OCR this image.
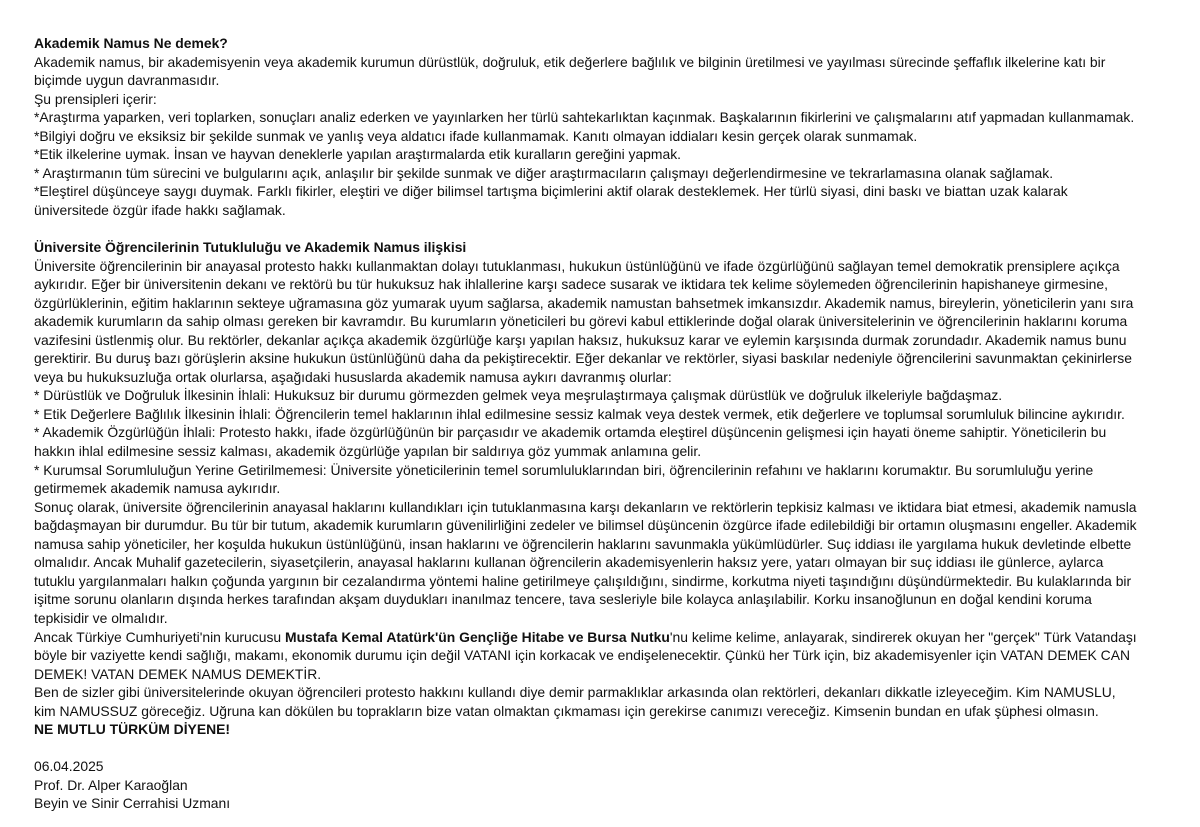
Akademik Namus Ne demek?

Akademik namus, bir akademisyenin veya akademik kurumun dürüstlük, doğruluk, etik değerlere bağlılık ve bilginin üretilmesi ve yayılması sürecinde şeffaflık ilkelerine katı bir biçimde uygun davranmasıdır.

Şu prensipleri içerir:

*Araştırma yaparken, veri toplarken, sonuçları analiz ederken ve yayınlarken her türlü sahtekarlıktan kaçınmak. Başkalarının fikirlerini ve çalışmalarını atıf yapmadan kullanmamak.

*Bilgiyi doğru ve eksiksiz bir şekilde sunmak ve yanlış veya aldatıcı ifade kullanmamak. Kanıtı olmayan iddiaları kesin gerçek olarak sunmamak.

*Etik ilkelerine uymak. İnsan ve hayvan deneklerle yapılan araştırmalarda etik kuralların gereğini yapmak.

* Araştırmanın tüm sürecini ve bulgularını açık, anlaşılır bir şekilde sunmak ve diğer araştırmacıların çalışmayı değerlendirmesine ve tekrarlamasına olanak sağlamak.

*Eleştirel düşünceye saygı duymak. Farklı fikirler, eleştiri ve diğer bilimsel tartışma biçimlerini aktif olarak desteklemek. Her türlü siyasi, dini baskı ve biattan uzak kalarak üniversitede özgür ifade hakkı sağlamak.

Üniversite Öğrencilerinin Tutukluluğu ve Akademik Namus ilişkisi

Üniversite öğrencilerinin bir anayasal protesto hakkı kullanmaktan dolayı tutuklanması, hukukun üstünlüğünü ve ifade özgürlüğünü sağlayan temel demokratik prensiplere açıkça aykırıdır. Eğer bir üniversitenin dekanı ve rektörü bu tür hukuksuz hak ihlallerine karşı sadece susarak ve iktidara tek kelime söylemeden öğrencilerinin hapishaneye girmesine, özgürlüklerinin, eğitim haklarının sekteye uğramasına göz yumarak uyum sağlarsa, akademik namustan bahsetmek imkansızdır. Akademik namus, bireylerin, yöneticilerin yanı sıra akademik kurumların da sahip olması gereken bir kavramdır. Bu kurumların yöneticileri bu görevi kabul ettiklerinde doğal olarak üniversitelerinin ve öğrencilerinin haklarını koruma vazifesini üstlenmiş olur. Bu rektörler, dekanlar açıkça akademik özgürlüğe karşı yapılan haksız, hukuksuz karar ve eylemin karşısında durmak zorundadır. Akademik namus bunu gerektirir. Bu duruş bazı görüşlerin aksine hukukun üstünlüğünü daha da pekiştirecektir. Eğer dekanlar ve rektörler, siyasi baskılar nedeniyle öğrencilerini savunmaktan çekinirlerse veya bu hukuksuzluğa ortak olurlarsa, aşağıdaki hususlarda akademik namusa aykırı davranmış olurlar:

* Dürüstlük ve Doğruluk İlkesinin İhlali: Hukuksuz bir durumu görmezden gelmek veya meşrulaştırmaya çalışmak dürüstlük ve doğruluk ilkeleriyle bağdaşmaz.

* Etik Değerlere Bağlılık İlkesinin İhlali: Öğrencilerin temel haklarının ihlal edilmesine sessiz kalmak veya destek vermek, etik değerlere ve toplumsal sorumluluk bilincine aykırıdır.

* Akademik Özgürlüğün İhlali: Protesto hakkı, ifade özgürlüğünün bir parçasıdır ve akademik ortamda eleştirel düşüncenin gelişmesi için hayati öneme sahiptir. Yöneticilerin bu hakkın ihlal edilmesine sessiz kalması, akademik özgürlüğe yapılan bir saldırıya göz yummak anlamına gelir.

* Kurumsal Sorumluluğun Yerine Getirilmemesi: Üniversite yöneticilerinin temel sorumluluklarından biri, öğrencilerinin refahını ve haklarını korumaktır. Bu sorumluluğu yerine getirmemek akademik namusa aykırıdır.

Sonuç olarak, üniversite öğrencilerinin anayasal haklarını kullandıkları için tutuklanmasına karşı dekanların ve rektörlerin tepkisiz kalması ve iktidara biat etmesi, akademik namusla bağdaşmayan bir durumdur. Bu tür bir tutum, akademik kurumların güvenilirliğini zedeler ve bilimsel düşüncenin özgürce ifade edilebildiği bir ortamın oluşmasını engeller. Akademik namusa sahip yöneticiler, her koşulda hukukun üstünlüğünü, insan haklarını ve öğrencilerin haklarını savunmakla yükümlüdürler. Suç iddiası ile yargılama hukuk devletinde elbette olmalıdır. Ancak Muhalif gazetecilerin, siyasetçilerin, anayasal haklarını kullanan öğrencilerin akademisyenlerin haksız yere, yatarı olmayan bir suç iddiası ile günlerce, aylarca tutuklu yargılanmaları halkın çoğunda yargının bir cezalandırma yöntemi haline getirilmeye çalışıldığını, sindirme, korkutma niyeti taşındığını düşündürmektedir. Bu kulaklarında bir işitme sorunu olanların dışında herkes tarafından akşam duydukları inanılmaz tencere, tava sesleriyle bile kolayca anlaşılabilir. Korku insanoğlunun en doğal kendini koruma tepkisidir ve olmalıdır.

Ancak Türkiye Cumhuriyeti'nin kurucusu Mustafa Kemal Atatürk'ün Gençliğe Hitabe ve Bursa Nutku'nu kelime kelime, anlayarak, sindirerek okuyan her "gerçek" Türk Vatandaşı böyle bir vaziyette kendi sağlığı, makamı, ekonomik durumu için değil VATANI için korkacak ve endişelenecektir. Çünkü her Türk için, biz akademisyenler için VATAN DEMEK CAN DEMEK! VATAN DEMEK NAMUS DEMEKTİR.

Ben de sizler gibi üniversitelerinde okuyan öğrencileri protesto hakkını kullandı diye demir parmaklıklar arkasında olan rektörleri, dekanları dikkatle izleyeceğim. Kim NAMUSLU, kim NAMUSSUZ göreceğiz. Uğruna kan dökülen bu toprakların bize vatan olmaktan çıkmaması için gerekirse canımızı vereceğiz. Kimsenin bundan en ufak şüphesi olmasın.

NE MUTLU TÜRKÜM DİYENE!

06.04.2025

Prof. Dr. Alper Karaoğlan

Beyin ve Sinir Cerrahisi Uzmanı
